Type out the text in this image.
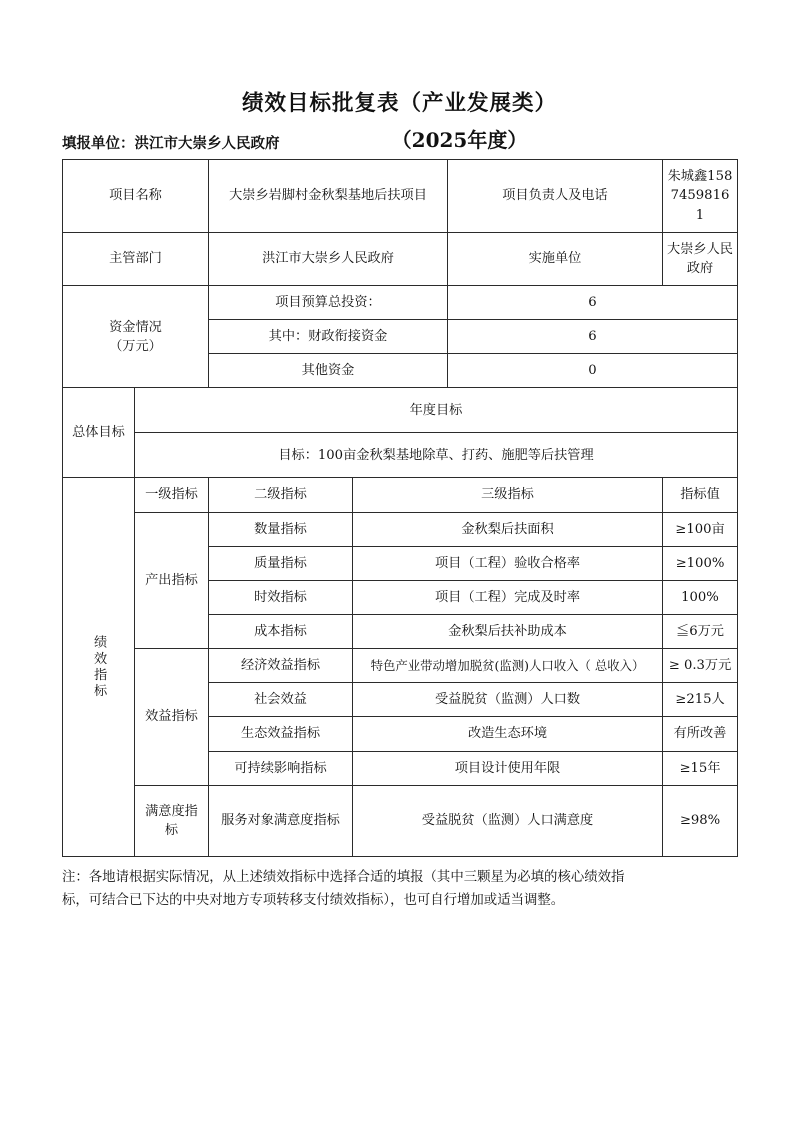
绩效目标批复表（产业发展类）
（2025年度）
填报单位：洪江市大崇乡人民政府
项目名称		大崇乡岩脚村金秋梨基地后扶项目		项目负责人及电话	朱城鑫15874598161
主管部门		洪江市大崇乡人民政府		实施单位	大崇乡人民政府

资金情况
（万元）		项目预算总投资：		6	
		其中：财政衔接资金		6	
		其他资金		0	
总体目标	年度目标				
	目标：100亩金秋梨基地除草、打药、施肥等后扶管理				

绩效指标	一级指标	二级指标	三级指标		指标值
	产出指标	数量指标	金秋梨后扶面积		≥100亩
		质量指标	项目（工程）验收合格率		≥100%
		时效指标	项目（工程）完成及时率		100%
		成本指标	金秋梨后扶补助成本		≦6万元
	效益指标	经济效益指标	特色产业带动增加脱贫(监测)人口收入（ 总收入）		≥ 0.3万元
		社会效益	受益脱贫（监测）人口数		≥215人
		生态效益指标	改造生态环境		有所改善
		可持续影响指标	项目设计使用年限		≥15年
	满意度指标	服务对象满意度指标	受益脱贫（监测）人口满意度		≥98%

注：各地请根据实际情况，从上述绩效指标中选择合适的填报（其中三颗星为必填的核心绩效指

标，可结合已下达的中央对地方专项转移支付绩效指标），也可自行增加或适当调整。
